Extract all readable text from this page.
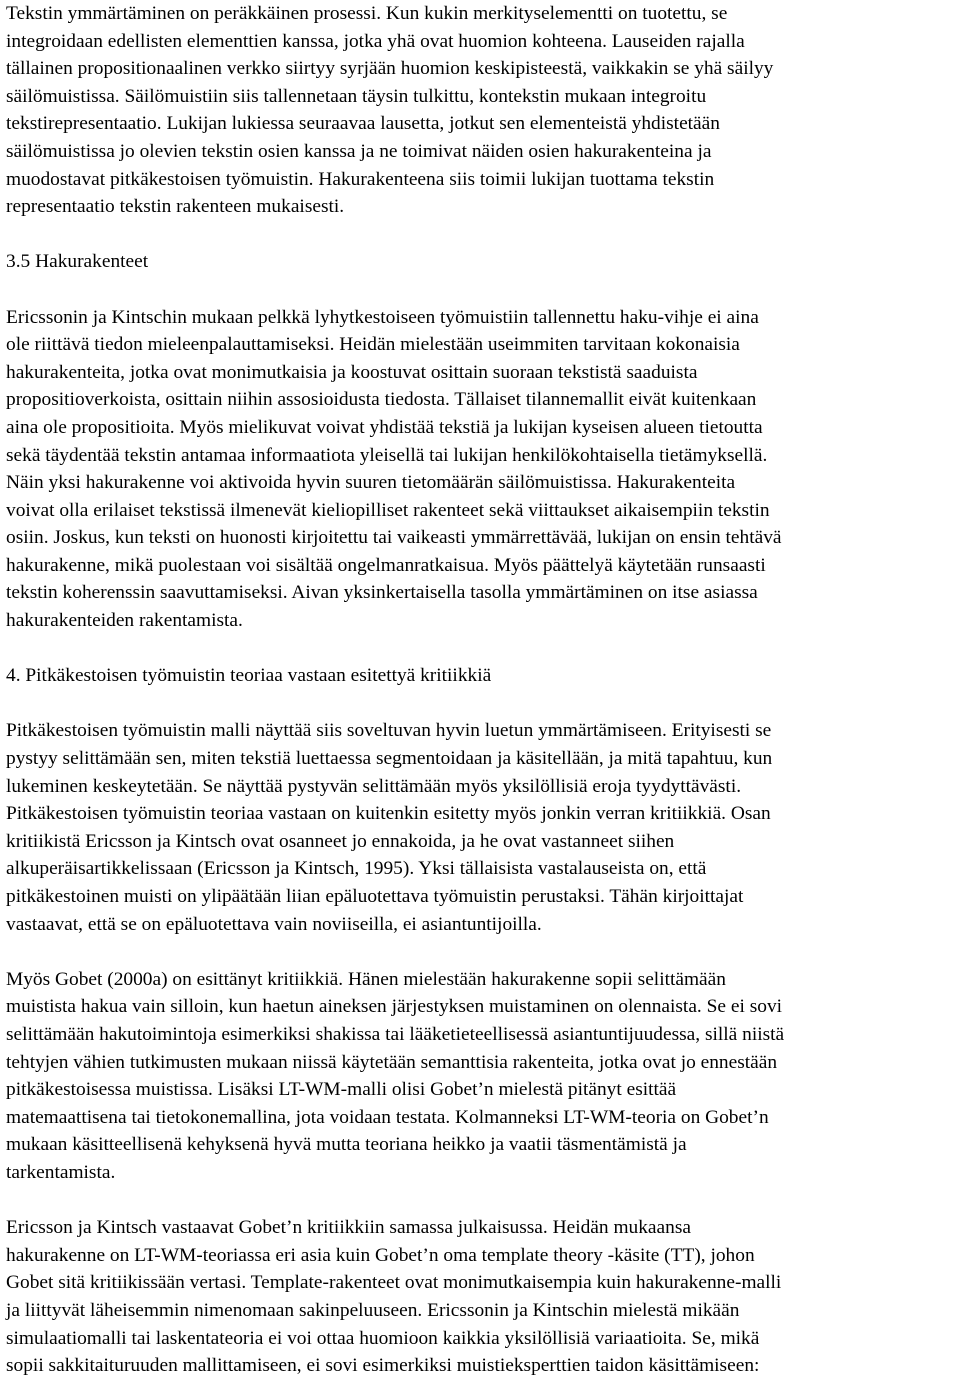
Tekstin ymmärtäminen on peräkkäinen prosessi. Kun kukin merkityselementti on tuotettu, se
integroidaan edellisten elementtien kanssa, jotka yhä ovat huomion kohteena. Lauseiden rajalla
tällainen propositionaalinen verkko siirtyy syrjään huomion keskipisteestä, vaikkakin se yhä säilyy
säilömuistissa. Säilömuistiin siis tallennetaan täysin tulkittu, kontekstin mukaan integroitu
tekstirepresentaatio. Lukijan lukiessa seuraavaa lausetta, jotkut sen elementeistä yhdistetään
säilömuistissa jo olevien tekstin osien kanssa ja ne toimivat näiden osien hakurakenteina ja
muodostavat pitkäkestoisen työmuistin. Hakurakenteena siis toimii lukijan tuottama tekstin
representaatio tekstin rakenteen mukaisesti.
3.5 Hakurakenteet
Ericssonin ja Kintschin mukaan pelkkä lyhytkestoiseen työmuistiin tallennettu haku-vihje ei aina
ole riittävä tiedon mieleenpalauttamiseksi. Heidän mielestään useimmiten tarvitaan kokonaisia
hakurakenteita, jotka ovat monimutkaisia ja koostuvat osittain suoraan tekstistä saaduista
propositioverkoista, osittain niihin assosioidusta tiedosta. Tällaiset tilannemallit eivät kuitenkaan
aina ole propositioita. Myös mielikuvat voivat yhdistää tekstiä ja lukijan kyseisen alueen tietoutta
sekä täydentää tekstin antamaa informaatiota yleisellä tai lukijan henkilökohtaisella tietämyksellä.
Näin yksi hakurakenne voi aktivoida hyvin suuren tietomäärän säilömuistissa. Hakurakenteita
voivat olla erilaiset tekstissä ilmenevät kieliopilliset rakenteet sekä viittaukset aikaisempiin tekstin
osiin. Joskus, kun teksti on huonosti kirjoitettu tai vaikeasti ymmärrettävää, lukijan on ensin tehtävä
hakurakenne, mikä puolestaan voi sisältää ongelmanratkaisua. Myös päättelyä käytetään runsaasti
tekstin koherenssin saavuttamiseksi. Aivan yksinkertaisella tasolla ymmärtäminen on itse asiassa
hakurakenteiden rakentamista.
4. Pitkäkestoisen työmuistin teoriaa vastaan esitettyä kritiikkiä
Pitkäkestoisen työmuistin malli näyttää siis soveltuvan hyvin luetun ymmärtämiseen. Erityisesti se
pystyy selittämään sen, miten tekstiä luettaessa segmentoidaan ja käsitellään, ja mitä tapahtuu, kun
lukeminen keskeytetään. Se näyttää pystyvän selittämään myös yksilöllisiä eroja tyydyttävästi.
Pitkäkestoisen työmuistin teoriaa vastaan on kuitenkin esitetty myös jonkin verran kritiikkiä. Osan
kritiikistä Ericsson ja Kintsch ovat osanneet jo ennakoida, ja he ovat vastanneet siihen
alkuperäisartikkelissaan (Ericsson ja Kintsch, 1995). Yksi tällaisista vastalauseista on, että
pitkäkestoinen muisti on ylipäätään liian epäluotettava työmuistin perustaksi. Tähän kirjoittajat
vastaavat, että se on epäluotettava vain noviiseilla, ei asiantuntijoilla.
Myös Gobet (2000a) on esittänyt kritiikkiä. Hänen mielestään hakurakenne sopii selittämään
muistista hakua vain silloin, kun haetun aineksen järjestyksen muistaminen on olennaista. Se ei sovi
selittämään hakutoimintoja esimerkiksi shakissa tai lääketieteellisessä asiantuntijuudessa, sillä niistä
tehtyjen vähien tutkimusten mukaan niissä käytetään semanttisia rakenteita, jotka ovat jo ennestään
pitkäkestoisessa muistissa. Lisäksi LT-WM-malli olisi Gobet’n mielestä pitänyt esittää
matemaattisena tai tietokonemallina, jota voidaan testata. Kolmanneksi LT-WM-teoria on Gobet’n
mukaan käsitteellisenä kehyksenä hyvä mutta teoriana heikko ja vaatii täsmentämistä ja
tarkentamista.
Ericsson ja Kintsch vastaavat Gobet’n kritiikkiin samassa julkaisussa. Heidän mukaansa
hakurakenne on LT-WM-teoriassa eri asia kuin Gobet’n oma template theory -käsite (TT), johon
Gobet sitä kritiikissään vertasi. Template-rakenteet ovat monimutkaisempia kuin hakurakenne-malli
ja liittyvät läheisemmin nimenomaan sakinpeluuseen. Ericssonin ja Kintschin mielestä mikään
simulaatiomalli tai laskentateoria ei voi ottaa huomioon kaikkia yksilöllisiä variaatioita. Se, mikä
sopii sakkitaituruuden mallittamiseen, ei sovi esimerkiksi muistieksperttien taidon käsittämiseen:
